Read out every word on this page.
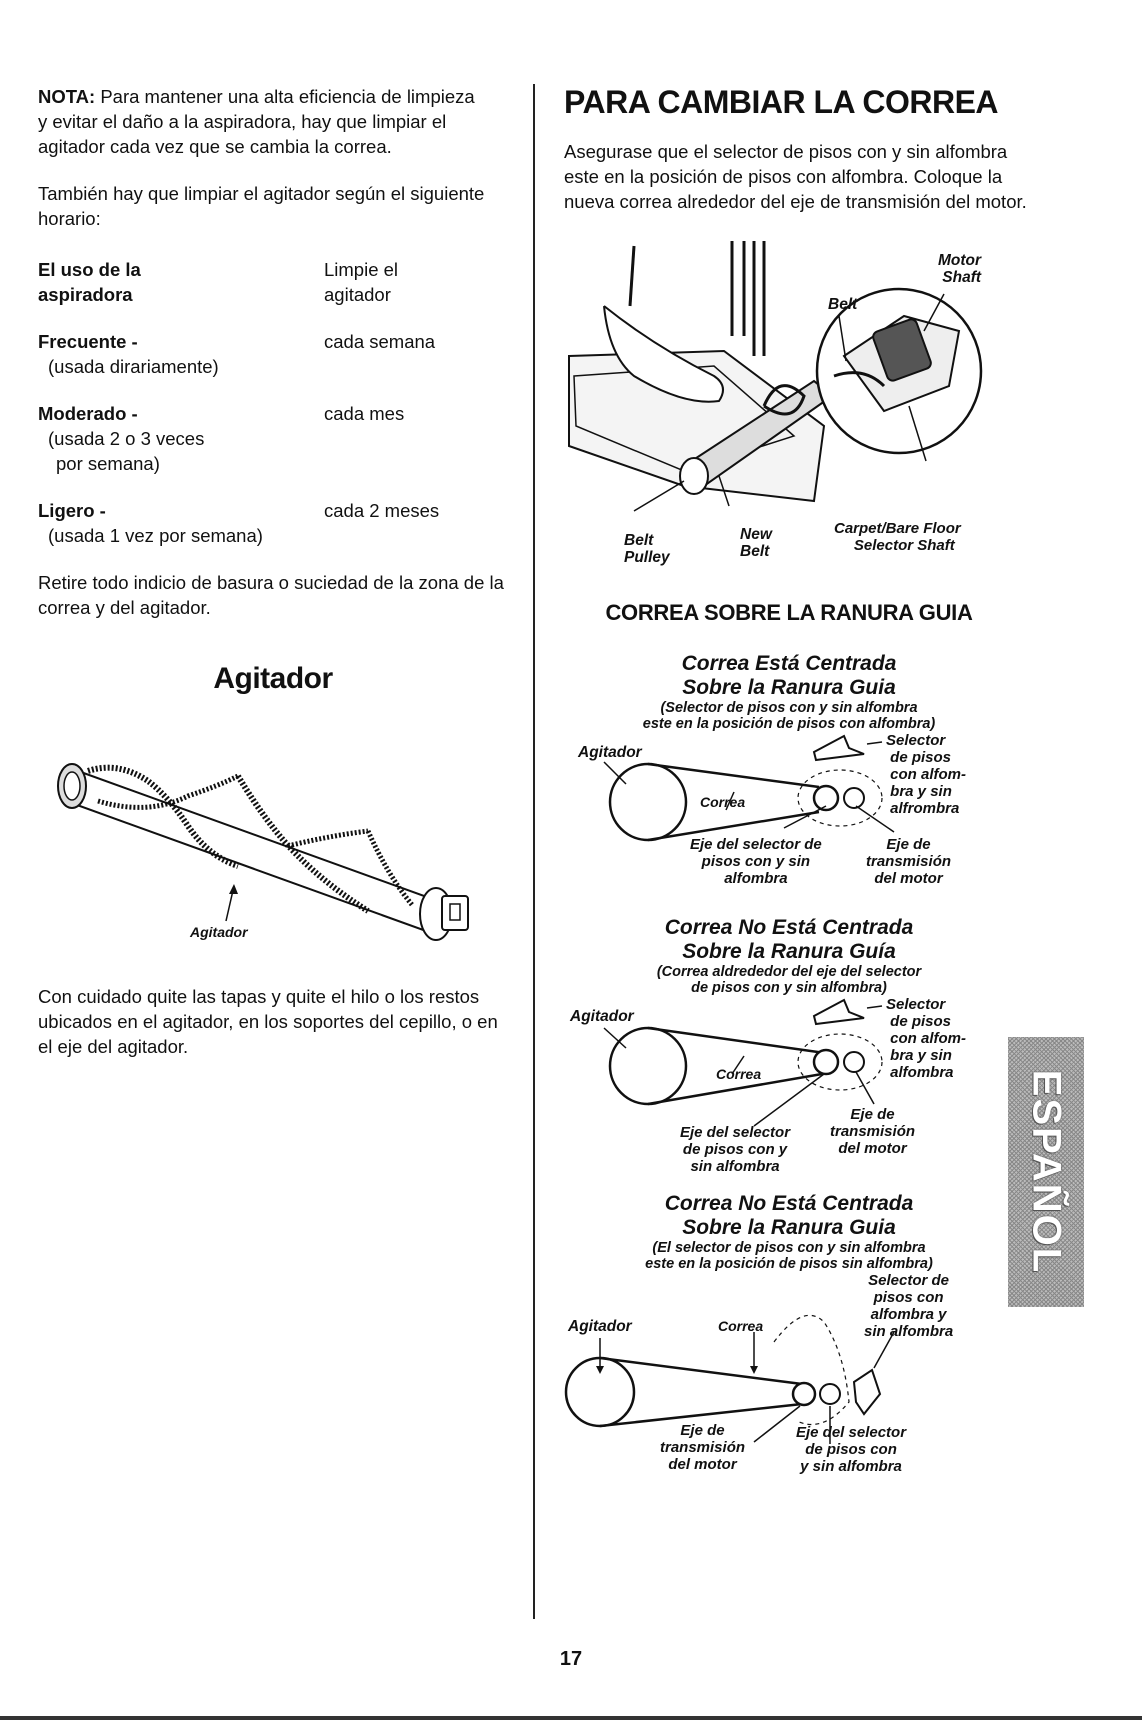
NOTA: Para mantener una alta eficiencia de limpieza y evitar el daño a la aspiradora, hay que limpiar el agitador cada vez que se cambia la correa.

También hay que limpiar el agitador según el siguiente horario:

El uso de la
aspiradora
Limpie el
agitador
Frecuente -
(usada dirariamente)
cada semana
Moderado -
(usada 2 o 3 veces
por semana)
cada mes
Ligero -
(usada 1 vez por semana)
cada 2 meses

Retire todo indicio de basura o suciedad de la zona de la correa y del agitador.

Agitador
Agitador

Con cuidado quite las tapas y quite el hilo o los restos ubicados en el agitador, en los soportes del cepillo, o en el eje del agitador.

PARA CAMBIAR LA CORREA

Asegurase que el selector de pisos con y sin alfombra este en la posición de pisos con alfombra. Coloque la nueva correa alrededor del eje de transmisión del motor.

Motor
Shaft
Belt
Carpet/Bare Floor
Selector Shaft
Belt
Pulley
New
Belt
CORREA SOBRE LA RANURA GUIA
Correa Está Centrada
Sobre la Ranura Guia
(Selector de pisos con y sin alfombra
este en la posición de pisos con alfombra)
Agitador
Correa
Selector
de pisos
con alfom-
bra y sin
alfrombra
Eje del selector de
pisos con y sin
alfombra
Eje de
transmisión
del motor
Correa No Está Centrada
Sobre la Ranura Guía
(Correa aldrededor del eje del selector
de pisos con y sin alfombra)
Agitador
Correa
Selector
de pisos
con alfom-
bra y sin
alfombra
Eje de
transmisión
del motor
Eje del selector
de pisos con y
sin alfombra
Correa No Está Centrada
Sobre la Ranura Guia
(El selector de pisos con y sin alfombra
este en la posición de pisos sin alfombra)
Agitador	Correa
Selector de
pisos con
alfombra y
sin alfombra
Eje de
transmisión
del motor
Eje del selector
de pisos con
y sin alfombra
ESPAÑOL
17
